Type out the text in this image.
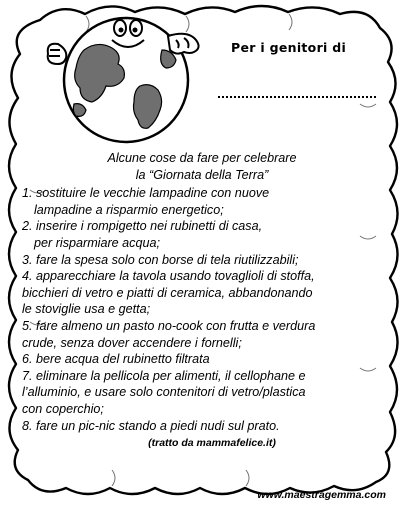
Per i genitori di
Alcune cose da fare per celebrare
la “Giornata della Terra”
1. sostituire le vecchie lampadine con nuove
lampadine a risparmio energetico;
2. inserire i rompigetto nei rubinetti di casa,
per risparmiare acqua;
3. fare la spesa solo con borse di tela riutilizzabili;
4. apparecchiare la tavola usando tovaglioli di stoffa,
bicchieri di vetro e piatti di ceramica, abbandonando
le stoviglie usa e getta;
5. fare almeno un pasto no-cook con frutta e verdura
crude, senza dover accendere i fornelli;
6. bere acqua del rubinetto filtrata
7. eliminare la pellicola per alimenti, il cellophane e
l’alluminio, e usare solo contenitori di vetro/plastica
con coperchio;
8. fare un pic-nic stando a piedi nudi sul prato.
(tratto da mammafelice.it)
www.maestragemma.com
